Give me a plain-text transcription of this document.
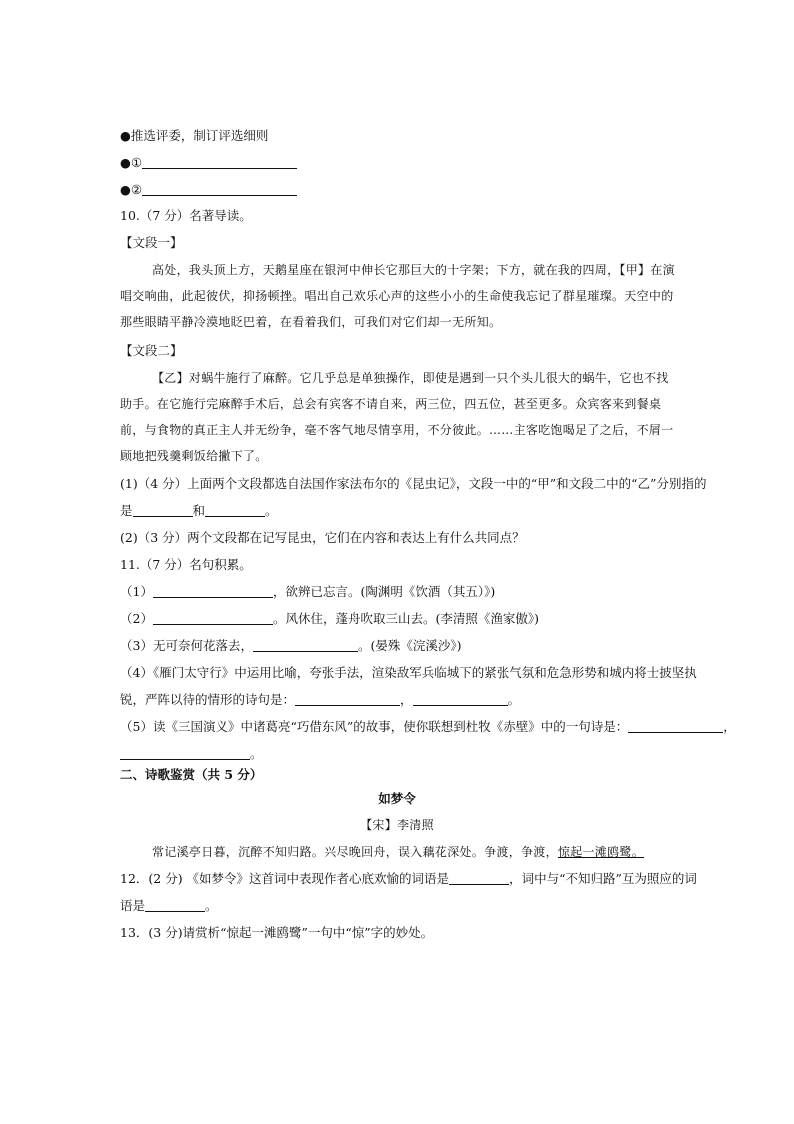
●推选评委，制订评选细则
●①
●②
10.（7 分）名著导读。
【文段一】
高处，我头顶上方，天鹅星座在银河中伸长它那巨大的十字架；下方，就在我的四周，【甲】在演唱交响曲，此起彼伏，抑扬顿挫。唱出自己欢乐心声的这些小小的生命使我忘记了群星璀璨。天空中的那些眼睛平静冷漠地眨巴着，在看着我们，可我们对它们却一无所知。
【文段二】
【乙】对蜗牛施行了麻醉。它几乎总是单独操作，即使是遇到一只个头儿很大的蜗牛，它也不找助手。在它施行完麻醉手术后，总会有宾客不请自来，两三位，四五位，甚至更多。众宾客来到餐桌前，与食物的真正主人并无纷争，毫不客气地尽情享用，不分彼此。……主客吃饱喝足了之后，不屑一顾地把残羹剩饭给撇下了。
(1)（4 分）上面两个文段都选自法国作家法布尔的《昆虫记》，文段一中的“甲”和文段二中的“乙”分别指的
是	和	。
(2)（3 分）两个文段都在记写昆虫，它们在内容和表达上有什么共同点？
11.（7 分）名句积累。
（1）	，欲辨已忘言。(陶渊明《饮酒（其五）》)
（2）	。风休住，蓬舟吹取三山去。(李清照《渔家傲》)
（3）无可奈何花落去，	。(晏殊《浣溪沙》)
（4）《雁门太守行》中运用比喻，夸张手法，渲染敌军兵临城下的紧张气氛和危急形势和城内将士披坚执
锐，严阵以待的情形的诗句是：	，	。
（5）读《三国演义》中诸葛亮“巧借东风”的故事，使你联想到杜牧《赤壁》中的一句诗是：	，
。
二、诗歌鉴赏（共 5 分）
如梦令
【宋】李清照
常记溪亭日暮，沉醉不知归路。兴尽晚回舟，误入藕花深处。争渡，争渡，惊起一滩鸥鹭。
12．(2 分) 《如梦令》这首词中表现作者心底欢愉的词语是	，词中与“不知归路”互为照应的词
语是	。
13．(3 分)请赏析“惊起一滩鸥鹭”一句中“惊”字的妙处。
